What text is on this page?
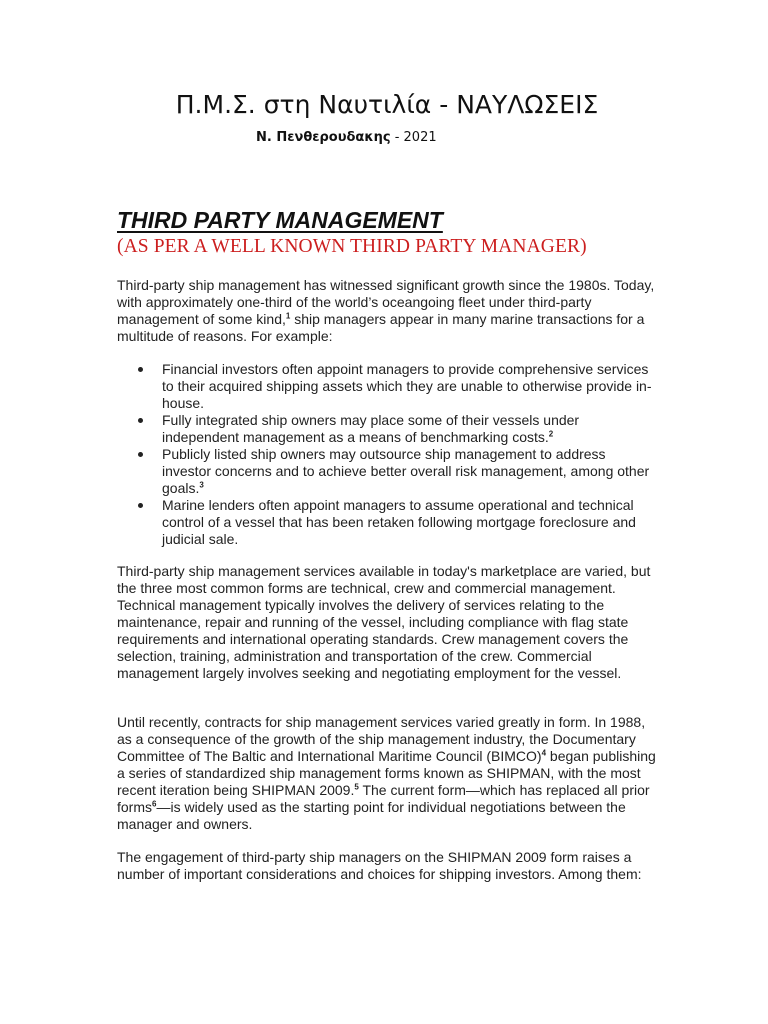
Π.Μ.Σ. στη Ναυτιλία - ΝΑΥΛΩΣΕΙΣ
Ν. Πενθερουδακης - 2021
THIRD PARTY MANAGEMENT
(AS PER A WELL KNOWN THIRD PARTY MANAGER)

Third-party ship management has witnessed significant growth since the 1980s. Today, with approximately one-third of the world’s oceangoing fleet under third-party management of some kind,$^1$ ship managers appear in many marine transactions for a multitude of reasons. For example:

Financial investors often appoint managers to provide comprehensive services to their acquired shipping assets which they are unable to otherwise provide in-house.
Fully integrated ship owners may place some of their vessels under independent management as a means of benchmarking costs.$^2$
Publicly listed ship owners may outsource ship management to address investor concerns and to achieve better overall risk management, among other goals.$^3$
Marine lenders often appoint managers to assume operational and technical control of a vessel that has been retaken following mortgage foreclosure and judicial sale.

Third-party ship management services available in today's marketplace are varied, but the three most common forms are technical, crew and commercial management. Technical management typically involves the delivery of services relating to the maintenance, repair and running of the vessel, including compliance with flag state requirements and international operating standards. Crew management covers the selection, training, administration and transportation of the crew. Commercial management largely involves seeking and negotiating employment for the vessel.

Until recently, contracts for ship management services varied greatly in form. In 1988, as a consequence of the growth of the ship management industry, the Documentary Committee of The Baltic and International Maritime Council (BIMCO)$^4$ began publishing a series of standardized ship management forms known as SHIPMAN, with the most recent iteration being SHIPMAN 2009.$^5$ The current form—which has replaced all prior forms$^6$—is widely used as the starting point for individual negotiations between the manager and owners.

The engagement of third-party ship managers on the SHIPMAN 2009 form raises a number of important considerations and choices for shipping investors. Among them:
